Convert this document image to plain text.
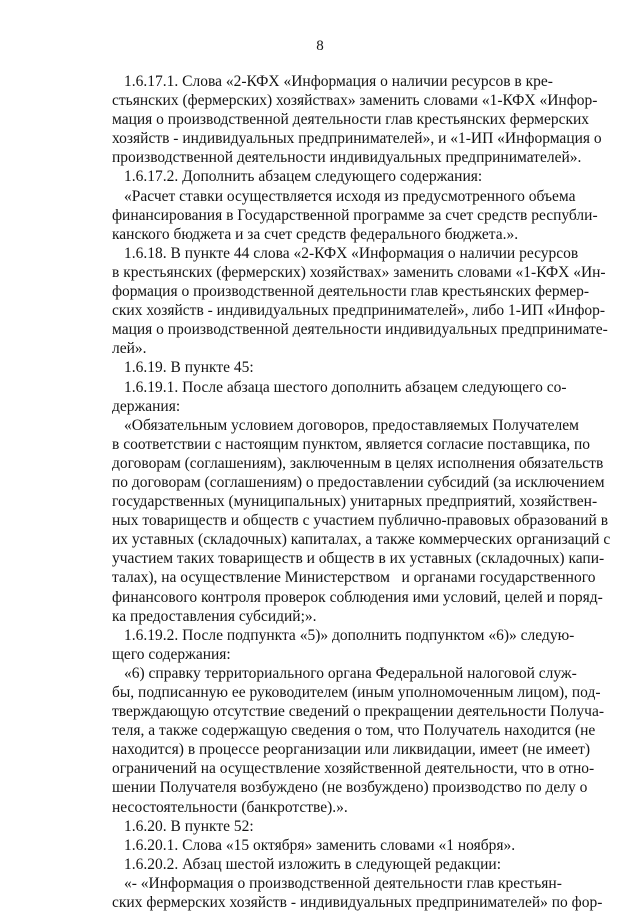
8
1.6.17.1. Слова «2-КФХ «Информация о наличии ресурсов в кре-
стьянских (фермерских) хозяйствах» заменить словами «1-КФХ «Инфор-
мация о производственной деятельности глав крестьянских фермерских
хозяйств - индивидуальных предпринимателей», и «1-ИП «Информация о
производственной деятельности индивидуальных предпринимателей».
1.6.17.2. Дополнить абзацем следующего содержания:
«Расчет ставки осуществляется исходя из предусмотренного объема
финансирования в Государственной программе за счет средств республи-
канского бюджета и за счет средств федерального бюджета.».
1.6.18. В пункте 44 слова «2-КФХ «Информация о наличии ресурсов
в крестьянских (фермерских) хозяйствах» заменить словами «1-КФХ «Ин-
формация о производственной деятельности глав крестьянских фермер-
ских хозяйств - индивидуальных предпринимателей», либо 1-ИП «Инфор-
мация о производственной деятельности индивидуальных предпринимате-
лей».
1.6.19. В пункте 45:
1.6.19.1. После абзаца шестого дополнить абзацем следующего со-
держания:
«Обязательным условием договоров, предоставляемых Получателем
в соответствии с настоящим пунктом, является согласие поставщика, по
договорам (соглашениям), заключенным в целях исполнения обязательств
по договорам (соглашениям) о предоставлении субсидий (за исключением
государственных (муниципальных) унитарных предприятий, хозяйствен-
ных товариществ и обществ с участием публично-правовых образований в
их уставных (складочных) капиталах, а также коммерческих организаций с
участием таких товариществ и обществ в их уставных (складочных) капи-
талах), на осуществление Министерством   и органами государственного
финансового контроля проверок соблюдения ими условий, целей и поряд-
ка предоставления субсидий;».
1.6.19.2. После подпункта «5)» дополнить подпунктом «6)» следую-
щего содержания:
«6) справку территориального органа Федеральной налоговой служ-
бы, подписанную ее руководителем (иным уполномоченным лицом), под-
тверждающую отсутствие сведений о прекращении деятельности Получа-
теля, а также содержащую сведения о том, что Получатель находится (не
находится) в процессе реорганизации или ликвидации, имеет (не имеет)
ограничений на осуществление хозяйственной деятельности, что в отно-
шении Получателя возбуждено (не возбуждено) производство по делу о
несостоятельности (банкротстве).».
1.6.20. В пункте 52:
1.6.20.1. Слова «15 октября» заменить словами «1 ноября».
1.6.20.2. Абзац шестой изложить в следующей редакции:
«- «Информация о производственной деятельности глав крестьян-
ских фермерских хозяйств - индивидуальных предпринимателей» по фор-
